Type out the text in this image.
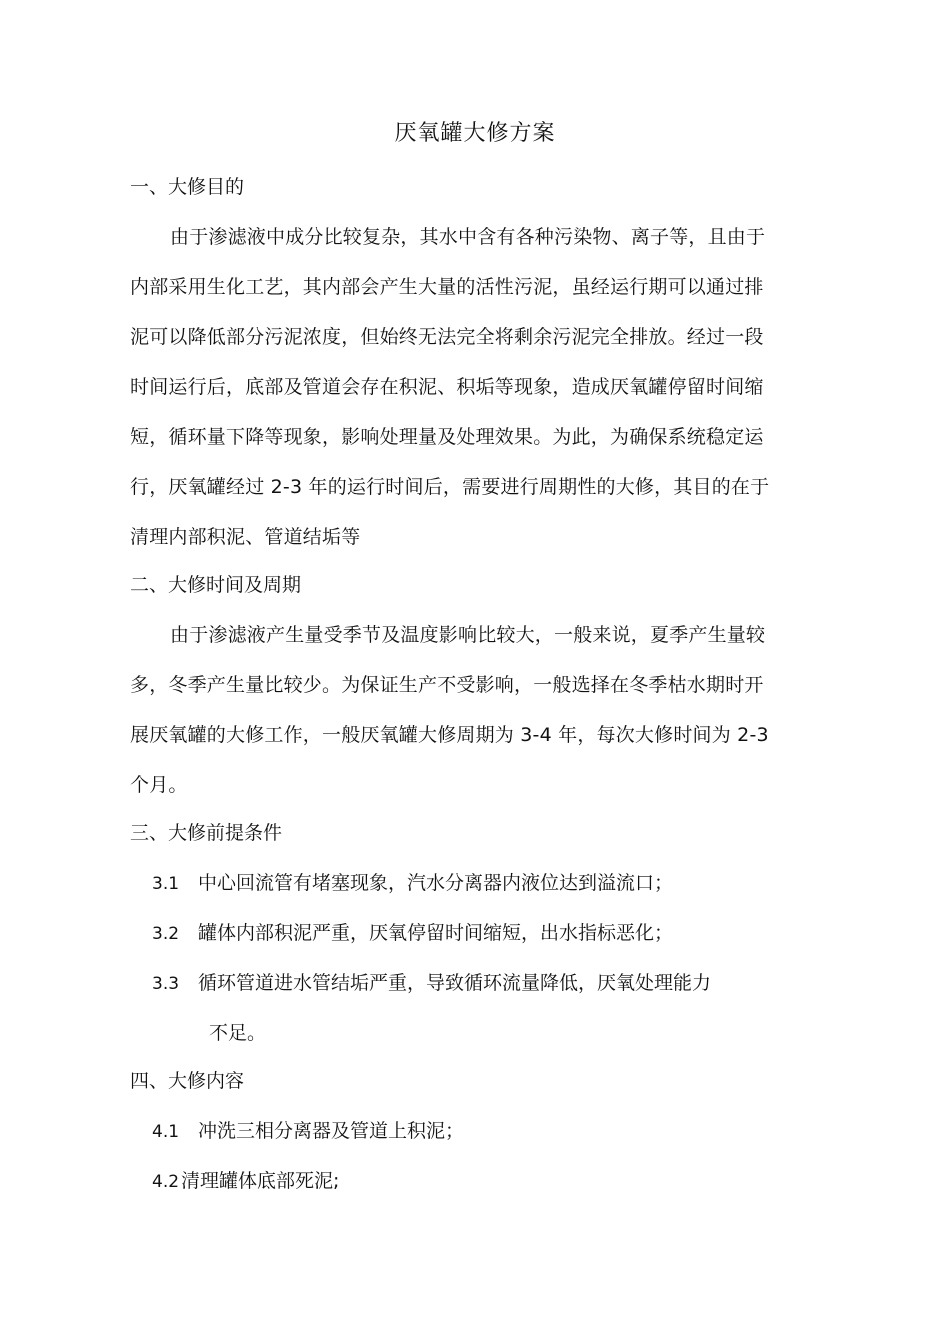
厌氧罐大修方案
一、大修目的
由于渗滤液中成分比较复杂，其水中含有各种污染物、离子等，且由于
内部采用生化工艺，其内部会产生大量的活性污泥，虽经运行期可以通过排
泥可以降低部分污泥浓度，但始终无法完全将剩余污泥完全排放。经过一段
时间运行后，底部及管道会存在积泥、积垢等现象，造成厌氧罐停留时间缩
短，循环量下降等现象，影响处理量及处理效果。为此，为确保系统稳定运
行，厌氧罐经过 2-3 年的运行时间后，需要进行周期性的大修，其目的在于
清理内部积泥、管道结垢等
二、大修时间及周期
由于渗滤液产生量受季节及温度影响比较大，一般来说，夏季产生量较
多，冬季产生量比较少。为保证生产不受影响，一般选择在冬季枯水期时开
展厌氧罐的大修工作，一般厌氧罐大修周期为 3-4 年，每次大修时间为 2-3
个月。
三、大修前提条件
3.1 中心回流管有堵塞现象，汽水分离器内液位达到溢流口；
3.2 罐体内部积泥严重，厌氧停留时间缩短，出水指标恶化；
3.3 循环管道进水管结垢严重，导致循环流量降低，厌氧处理能力
不足。
四、大修内容
4.1 冲洗三相分离器及管道上积泥；
4.2 清理罐体底部死泥;
